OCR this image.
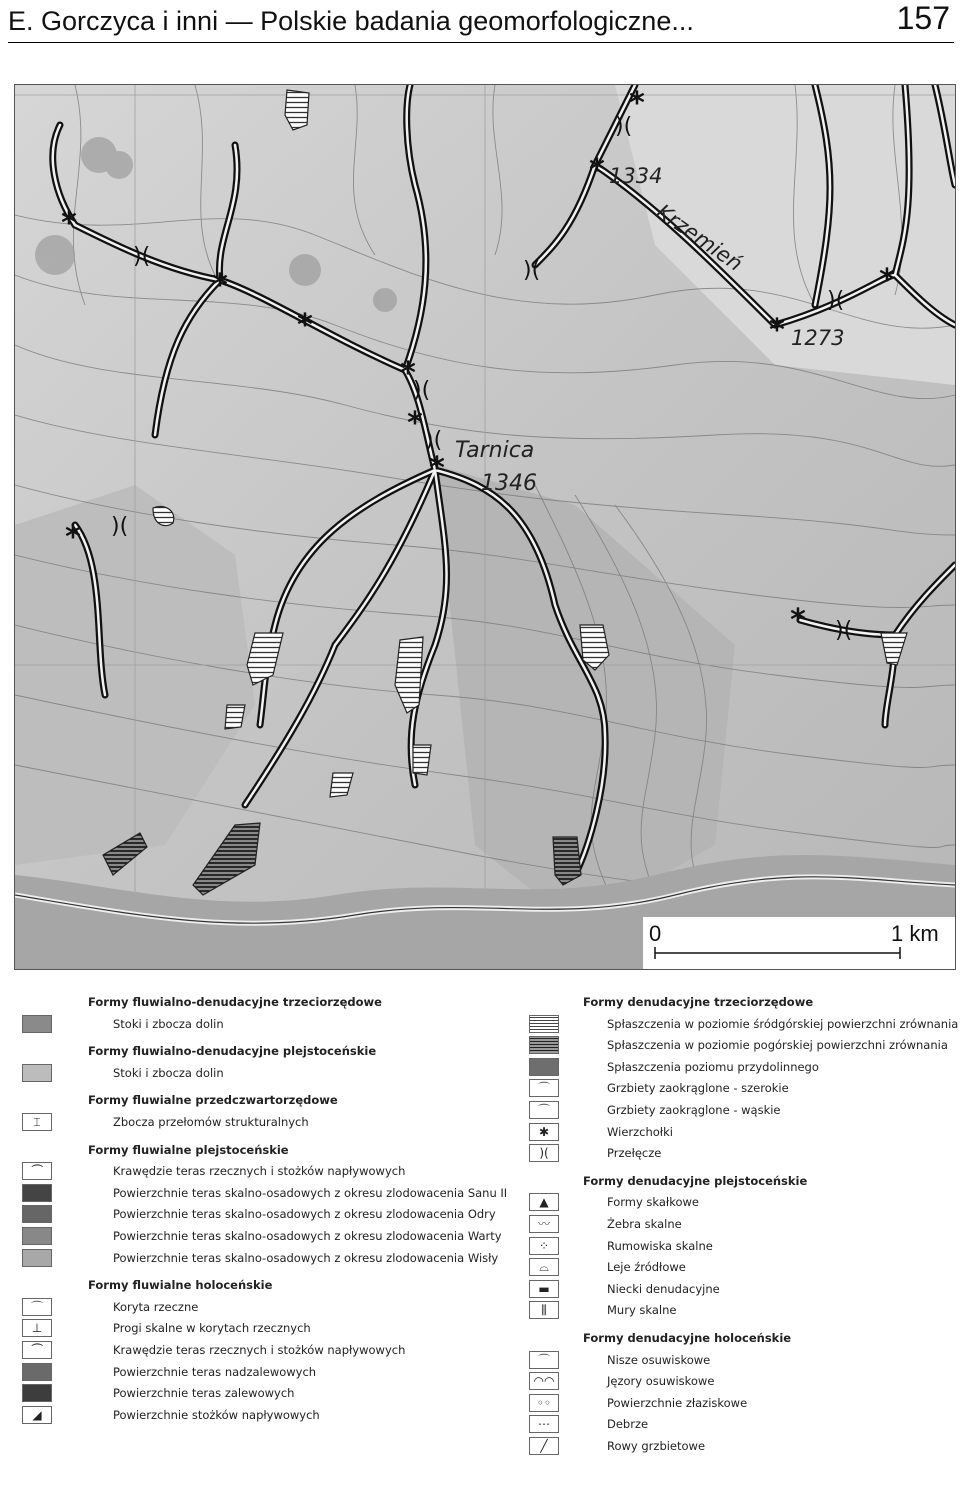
E. Gorczyca i inni — Polskie badania geomorfologiczne...	157
*
*
*
*
*
*
*
*
*
*
*
*
)(
)(
)(
)(
)(
)(
)(
)(
1334
Krzemień
1273
Tarnica
1346
0	1 km
Formy fluwialno-denudacyjne trzeciorzędowe
Stoki i zbocza dolin
Formy fluwialno-denudacyjne plejstoceńskie
Stoki i zbocza dolin
Formy fluwialne przedczwartorzędowe
⌶	Zbocza przełomów strukturalnych
Formy fluwialne plejstoceńskie
⏜	Krawędzie teras rzecznych i stożków napływowych
Powierzchnie teras skalno-osadowych z okresu zlodowacenia Sanu II
Powierzchnie teras skalno-osadowych z okresu zlodowacenia Odry
Powierzchnie teras skalno-osadowych z okresu zlodowacenia Warty
Powierzchnie teras skalno-osadowych z okresu zlodowacenia Wisły
Formy fluwialne holoceńskie
⌒	Koryta rzeczne
⊥	Progi skalne w korytach rzecznych
⏜	Krawędzie teras rzecznych i stożków napływowych
Powierzchnie teras nadzalewowych
Powierzchnie teras zalewowych
◢	Powierzchnie stożków napływowych
Formy denudacyjne trzeciorzędowe
Spłaszczenia w poziomie śródgórskiej powierzchni zrównania
Spłaszczenia w poziomie pogórskiej powierzchni zrównania
Spłaszczenia poziomu przydolinnego
⌒	Grzbiety zaokrąglone - szerokie
⌒	Grzbiety zaokrąglone - wąskie
✱	Wierzchołki
)(	Przełęcze
Formy denudacyjne plejstoceńskie
▲	Formy skałkowe
〰	Żebra skalne
⁘	Rumowiska skalne
⌓	Leje źródłowe
▬	Niecki denudacyjne
⫼	Mury skalne
Formy denudacyjne holoceńskie
⌒	Nisze osuwiskowe
◠◠	Jęzory osuwiskowe
◦◦	Powierzchnie złaziskowe
⋯	Debrze
╱	Rowy grzbietowe
